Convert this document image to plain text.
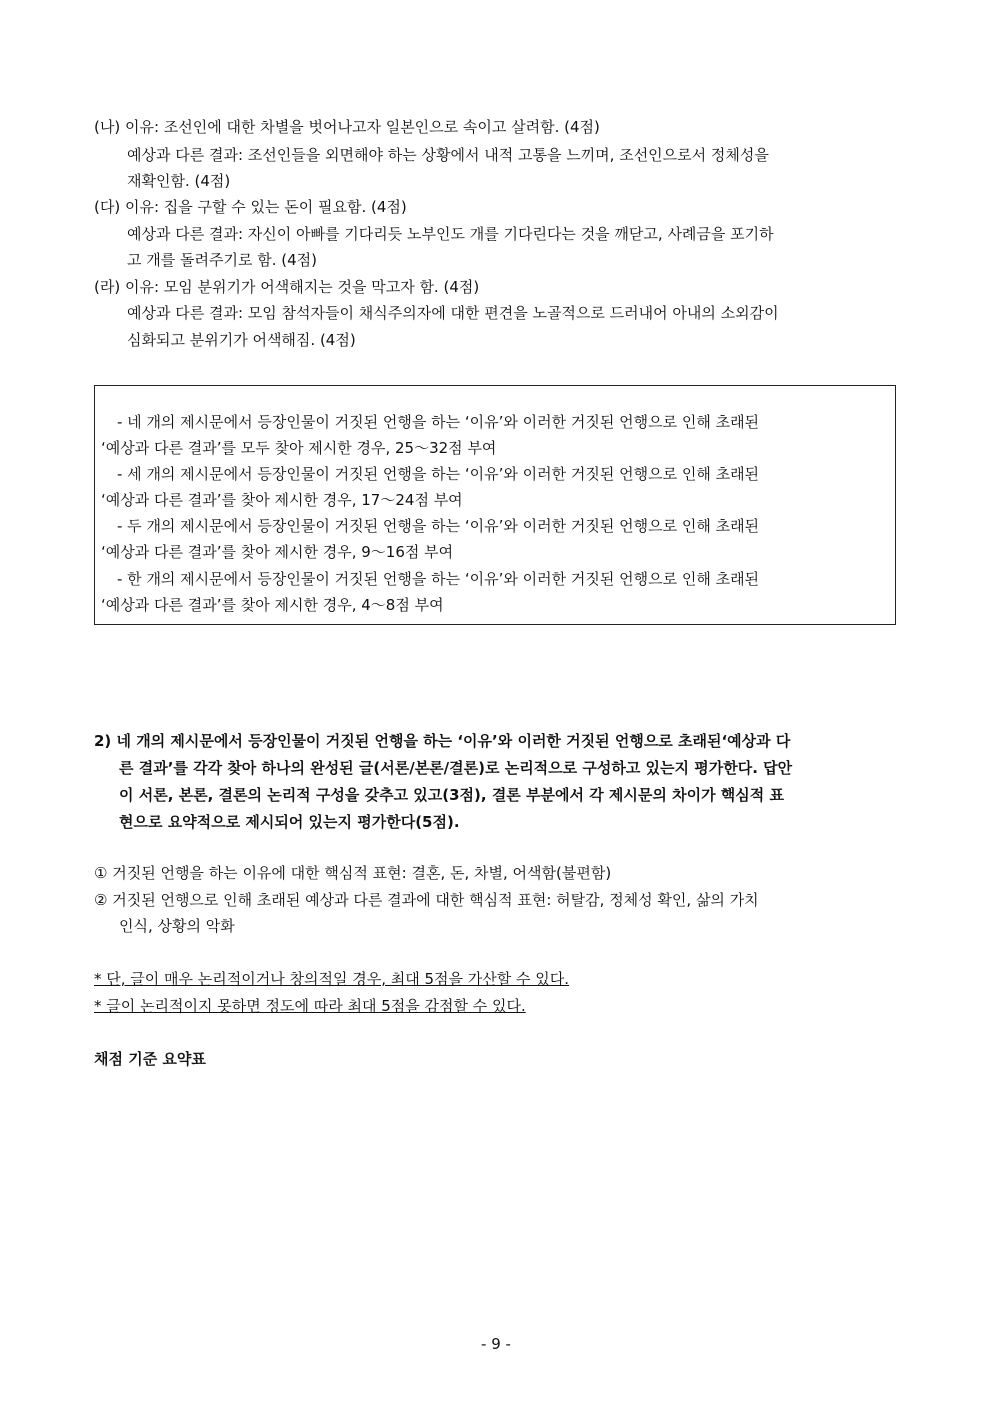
(나) 이유: 조선인에 대한 차별을 벗어나고자 일본인으로 속이고 살려함. (4점)
예상과 다른 결과: 조선인들을 외면해야 하는 상황에서 내적 고통을 느끼며, 조선인으로서 정체성을
재확인함. (4점)
(다) 이유: 집을 구할 수 있는 돈이 필요함. (4점)
예상과 다른 결과: 자신이 아빠를 기다리듯 노부인도 개를 기다린다는 것을 깨닫고, 사례금을 포기하
고 개를 돌려주기로 함. (4점)
(라) 이유: 모임 분위기가 어색해지는 것을 막고자 함. (4점)
예상과 다른 결과: 모임 참석자들이 채식주의자에 대한 편견을 노골적으로 드러내어 아내의 소외감이
심화되고 분위기가 어색해짐. (4점)
- 네 개의 제시문에서 등장인물이 거짓된 언행을 하는 ‘이유’와 이러한 거짓된 언행으로 인해 초래된
‘예상과 다른 결과’를 모두 찾아 제시한 경우, 25～32점 부여
- 세 개의 제시문에서 등장인물이 거짓된 언행을 하는 ‘이유’와 이러한 거짓된 언행으로 인해 초래된
‘예상과 다른 결과’를 찾아 제시한 경우, 17～24점 부여
- 두 개의 제시문에서 등장인물이 거짓된 언행을 하는 ‘이유’와 이러한 거짓된 언행으로 인해 초래된
‘예상과 다른 결과’를 찾아 제시한 경우, 9～16점 부여
- 한 개의 제시문에서 등장인물이 거짓된 언행을 하는 ‘이유’와 이러한 거짓된 언행으로 인해 초래된
‘예상과 다른 결과’를 찾아 제시한 경우, 4～8점 부여
2) 네 개의 제시문에서 등장인물이 거짓된 언행을 하는 ‘이유’와 이러한 거짓된 언행으로 초래된‘예상과 다
른 결과’를 각각 찾아 하나의 완성된 글(서론/본론/결론)로 논리적으로 구성하고 있는지 평가한다. 답안
이 서론, 본론, 결론의 논리적 구성을 갖추고 있고(3점), 결론 부분에서 각 제시문의 차이가 핵심적 표
현으로 요약적으로 제시되어 있는지 평가한다(5점).
① 거짓된 언행을 하는 이유에 대한 핵심적 표현: 결혼, 돈, 차별, 어색함(불편함)
② 거짓된 언행으로 인해 초래된 예상과 다른 결과에 대한 핵심적 표현: 허탈감, 정체성 확인, 삶의 가치
인식, 상황의 악화
* 단, 글이 매우 논리적이거나 창의적일 경우, 최대 5점을 가산할 수 있다.
* 글이 논리적이지 못하면 정도에 따라 최대 5점을 감점할 수 있다.
채점 기준 요약표
- 9 -
